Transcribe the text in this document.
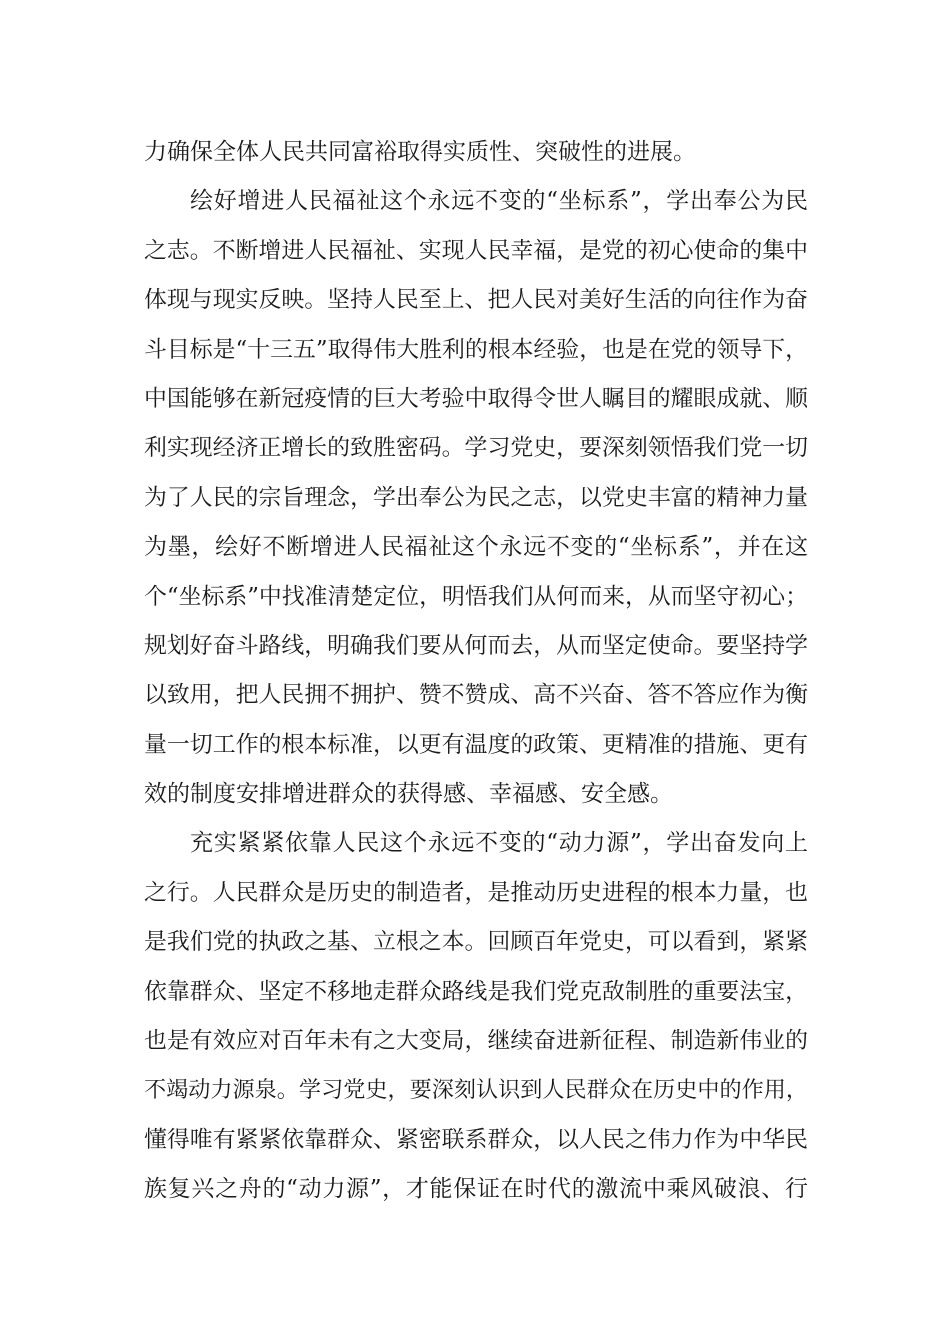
力确保全体人民共同富裕取得实质性、突破性的进展。
绘好增进人民福祉这个永远不变的“坐标系”，学出奉公为民
之志。不断增进人民福祉、实现人民幸福，是党的初心使命的集中
体现与现实反映。坚持人民至上、把人民对美好生活的向往作为奋
斗目标是“十三五”取得伟大胜利的根本经验，也是在党的领导下，
中国能够在新冠疫情的巨大考验中取得令世人瞩目的耀眼成就、顺
利实现经济正增长的致胜密码。学习党史，要深刻领悟我们党一切
为了人民的宗旨理念，学出奉公为民之志，以党史丰富的精神力量
为墨，绘好不断增进人民福祉这个永远不变的“坐标系”，并在这
个“坐标系”中找准清楚定位，明悟我们从何而来，从而坚守初心；
规划好奋斗路线，明确我们要从何而去，从而坚定使命。要坚持学
以致用，把人民拥不拥护、赞不赞成、高不兴奋、答不答应作为衡
量一切工作的根本标准，以更有温度的政策、更精准的措施、更有
效的制度安排增进群众的获得感、幸福感、安全感。
充实紧紧依靠人民这个永远不变的“动力源”，学出奋发向上
之行。人民群众是历史的制造者，是推动历史进程的根本力量，也
是我们党的执政之基、立根之本。回顾百年党史，可以看到，紧紧
依靠群众、坚定不移地走群众路线是我们党克敌制胜的重要法宝，
也是有效应对百年未有之大变局，继续奋进新征程、制造新伟业的
不竭动力源泉。学习党史，要深刻认识到人民群众在历史中的作用，
懂得唯有紧紧依靠群众、紧密联系群众，以人民之伟力作为中华民
族复兴之舟的“动力源”，才能保证在时代的激流中乘风破浪、行
